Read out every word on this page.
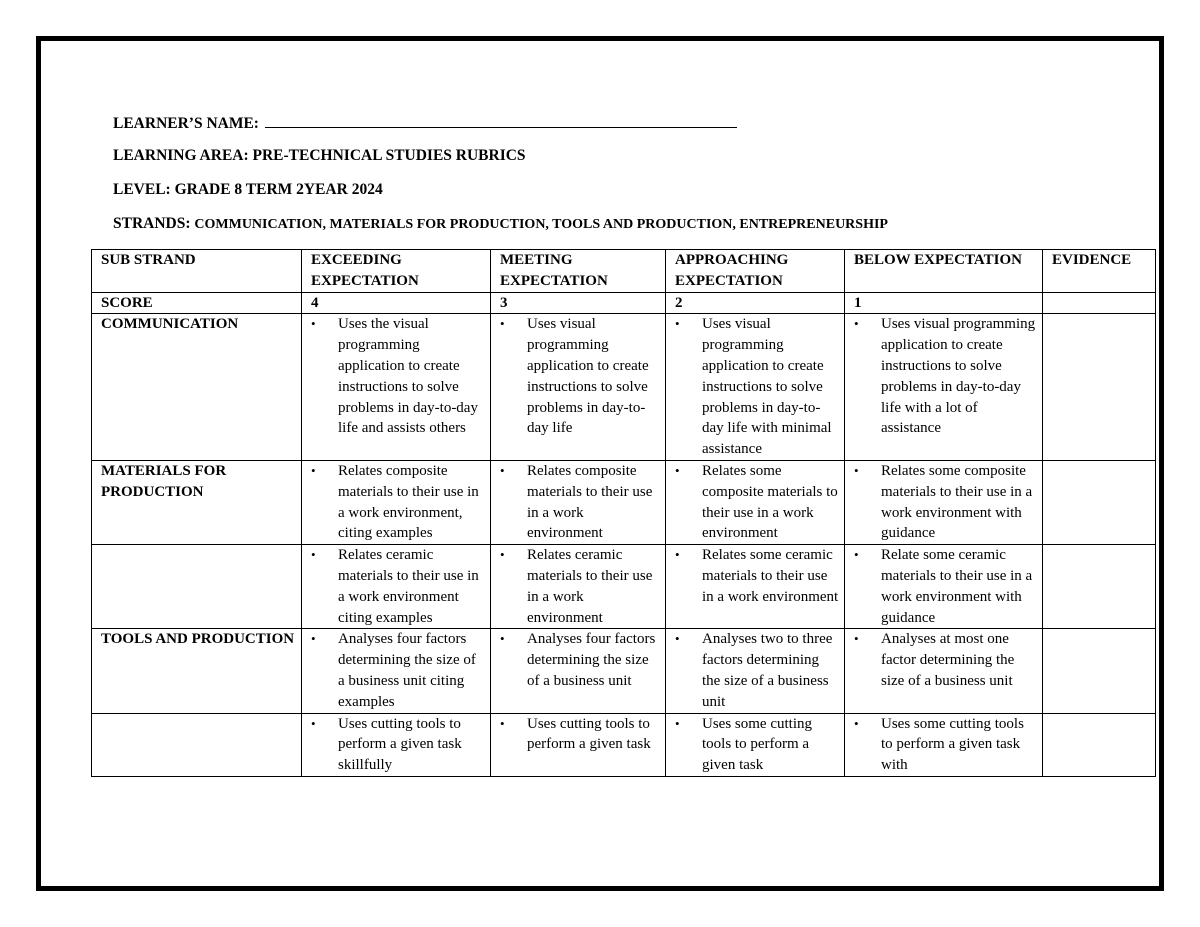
LEARNER’S NAME:
LEARNING AREA: PRE-TECHNICAL STUDIES RUBRICS
LEVEL: GRADE 8 TERM 2YEAR 2024
STRANDS: COMMUNICATION, MATERIALS FOR PRODUCTION, TOOLS AND PRODUCTION, ENTREPRENEURSHIP
SUB STRAND	EXCEEDING EXPECTATION	MEETING EXPECTATION	APPROACHING EXPECTATION	BELOW EXPECTATION	EVIDENCE
SCORE	4	3	2	1	
COMMUNICATION	• Uses the visual programming application to create instructions to solve problems in day-to-day life and assists others	• Uses visual programming application to create instructions to solve problems in day-to-day life	• Uses visual programming application to create instructions to solve problems in day-to-day life with minimal assistance	• Uses visual programming application to create instructions to solve problems in day-to-day life with a lot of assistance	
MATERIALS FOR PRODUCTION	• Relates composite materials to their use in a work environment, citing examples	• Relates composite materials to their use in a work environment	• Relates some composite materials to their use in a work environment	• Relates some composite materials to their use in a work environment with guidance	

	• Relates ceramic materials to their use in a work environment citing examples	• Relates ceramic materials to their use in a work environment	• Relates some ceramic materials to their use in a work environment	• Relate some ceramic materials to their use in a work environment with guidance	
TOOLS AND PRODUCTION	• Analyses four factors determining the size of a business unit citing examples	• Analyses four factors determining the size of a business unit	• Analyses two to three factors determining the size of a business unit	• Analyses at most one factor determining the size of a business unit	

	• Uses cutting tools to perform a given task skillfully	• Uses cutting tools to perform a given task	• Uses some cutting tools to perform a given task	• Uses some cutting tools to perform a given task with	
